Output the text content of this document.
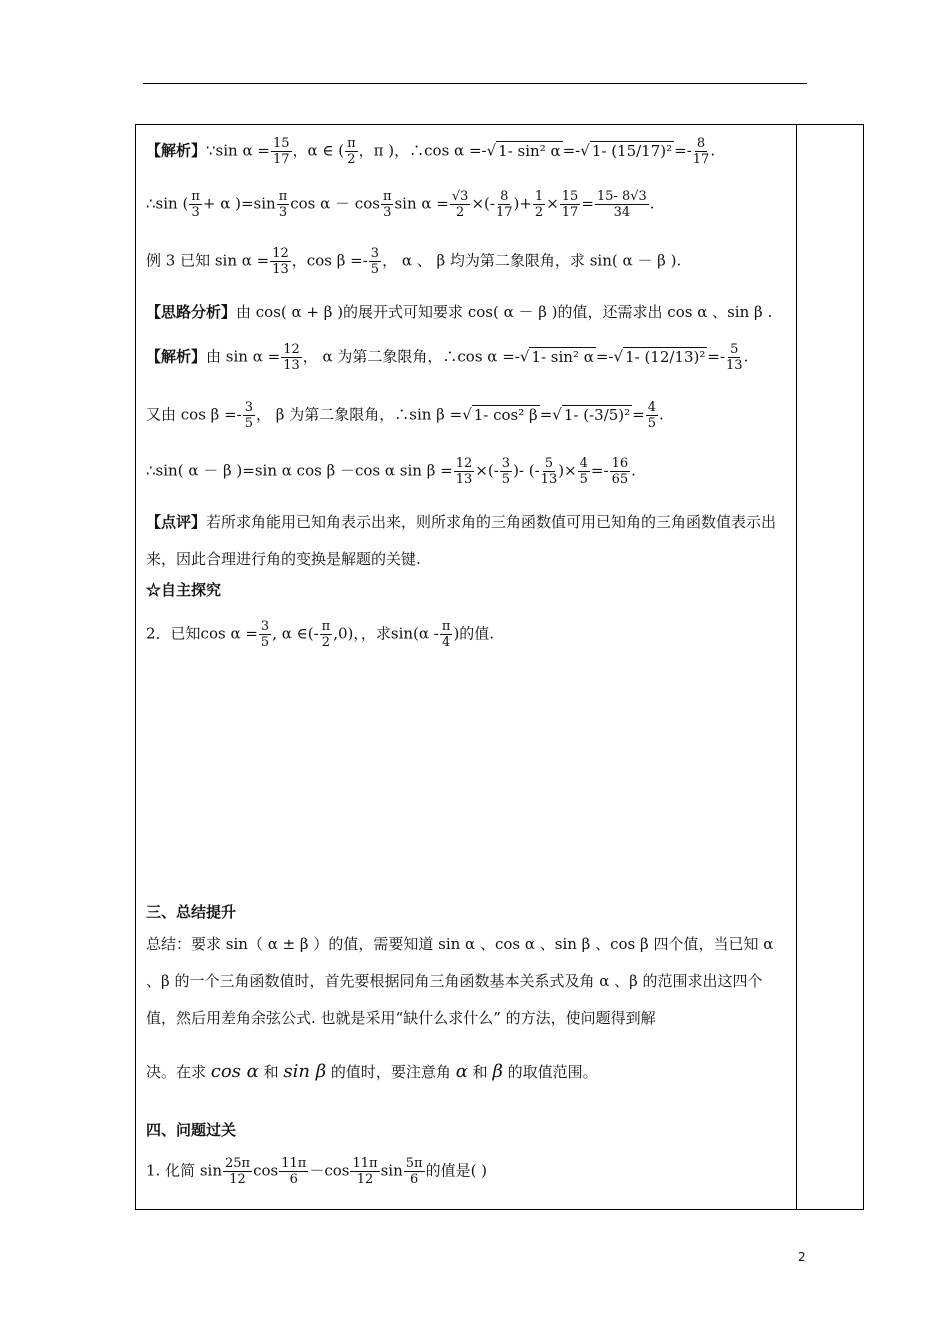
【解析】∵sin $\alpha = \frac{15}{17}$ ，α ∈ ( $\frac{\pi}{2}$ ，π )，∴cos α =-√ 1- sin² α =-√ 1- $(15/17)^2 =- \frac{8}{17}$ .
∴sin ( $\frac{\pi}{3} + \alpha$ )$=\sin \frac{\pi}{3}$ $\cos \alpha - \cos \frac{\pi}{3}$ $\sin \alpha = \frac{√3}{2}$ ×(- $\frac{8}{17}$ )+ $\frac{1}{2} \times \frac{15}{17} = \frac{15- 8√3}{34}$ .
例 3 已知 $\sin \alpha = \frac{12}{13}$ ，$\cos \beta =- \frac{3}{5}$ ， α 、 β 均为第二象限角，求 sin( α － β ).
【思路分析】由 cos( α + β )的展开式可知要求 cos( α － β )的值，还需求出 cos α 、sin β .
【解析】由 $\sin \alpha = \frac{12}{13}$ ， α 为第二象限角，∴cos α =-√ 1- sin² α =-√ 1- $(12/13)^2 =- \frac{5}{13}$ .
又由 $\cos \beta =- \frac{3}{5}$ ， β 为第二象限角，∴sin β =√ 1- cos² β =√ 1- $(-3/5)^2 = \frac{4}{5}$ .
∴sin( α － β )=sin α cos β －cos α $\sin \beta = \frac{12}{13}$ ×(- $\frac{3}{5}$ )- (- $\frac{5}{13}$ )× $\frac{4}{5} =- \frac{16}{65}$ .
【点评】若所求角能用已知角表示出来，则所求角的三角函数值可用已知角的三角函数值表示出来，因此合理进行角的变换是解题的关键.
☆自主探究
2．已知$\cos \alpha = \frac{3}{5}$ , α ∈(- $\frac{\pi}{2} ,0$)，，求$\sin(\alpha - \frac{\pi}{4}$ )的值.
三、总结提升
总结：要求 sin（ α ± β ）的值，需要知道 sin α 、cos α 、sin β 、cos β 四个值，当已知 α 、β 的一个三角函数值时，首先要根据同角三角函数基本关系式及角 α 、β 的范围求出这四个值，然后用差角余弦公式. 也就是采用“缺什么求什么” 的方法，使问题得到解
决。在求 cos α 和 sin β 的值时，要注意角 α 和 β 的取值范围。
四、问题过关
1. 化简 $\sin \frac{25\pi}{12}$ $\cos \frac{11\pi}{6} -\cos \frac{11\pi}{12}$ $\sin \frac{5\pi}{6}$ 的值是( )
2
